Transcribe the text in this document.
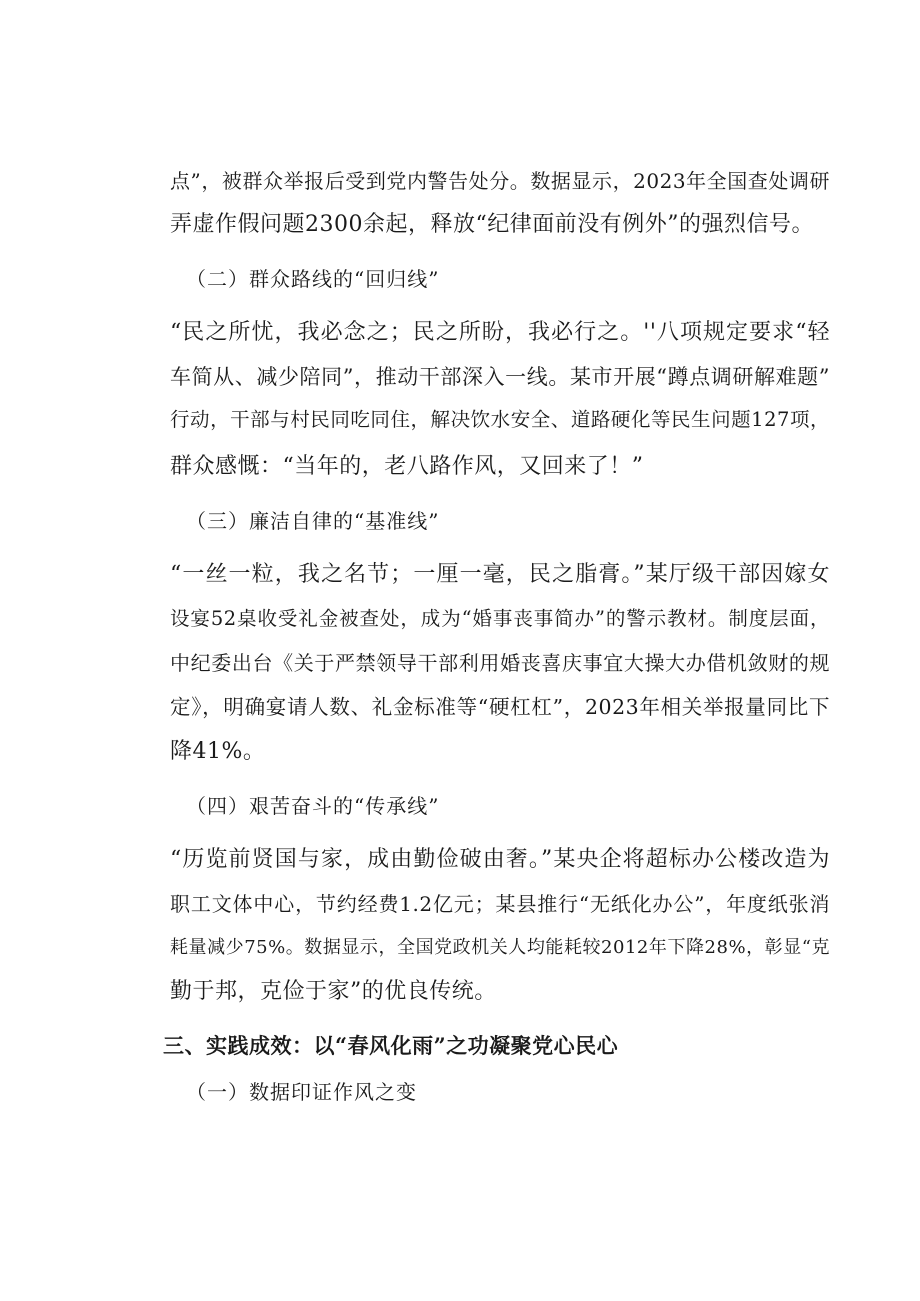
点”，被群众举报后受到党内警告处分。数据显示，2023年全国查处调研
弄虚作假问题2300余起，释放“纪律面前没有例外”的强烈信号。
（二）群众路线的“回归线”
“民之所忧，我必念之；民之所盼，我必行之。''八项规定要求“轻
车简从、减少陪同”，推动干部深入一线。某市开展“蹲点调研解难题”
行动，干部与村民同吃同住，解决饮水安全、道路硬化等民生问题127项，
群众感慨：“当年的，老八路作风，又回来了！”
（三）廉洁自律的“基准线”
“一丝一粒，我之名节；一厘一毫，民之脂膏。”某厅级干部因嫁女
设宴52桌收受礼金被查处，成为“婚事丧事简办”的警示教材。制度层面，
中纪委出台《关于严禁领导干部利用婚丧喜庆事宜大操大办借机敛财的规
定》，明确宴请人数、礼金标准等“硬杠杠”，2023年相关举报量同比下
降41%。
（四）艰苦奋斗的“传承线”
“历览前贤国与家，成由勤俭破由奢。”某央企将超标办公楼改造为
职工文体中心，节约经费1.2亿元；某县推行“无纸化办公”，年度纸张消
耗量减少75%。数据显示，全国党政机关人均能耗较2012年下降28%，彰显“克
勤于邦，克俭于家”的优良传统。
三、实践成效：以“春风化雨”之功凝聚党心民心
（一）数据印证作风之变
